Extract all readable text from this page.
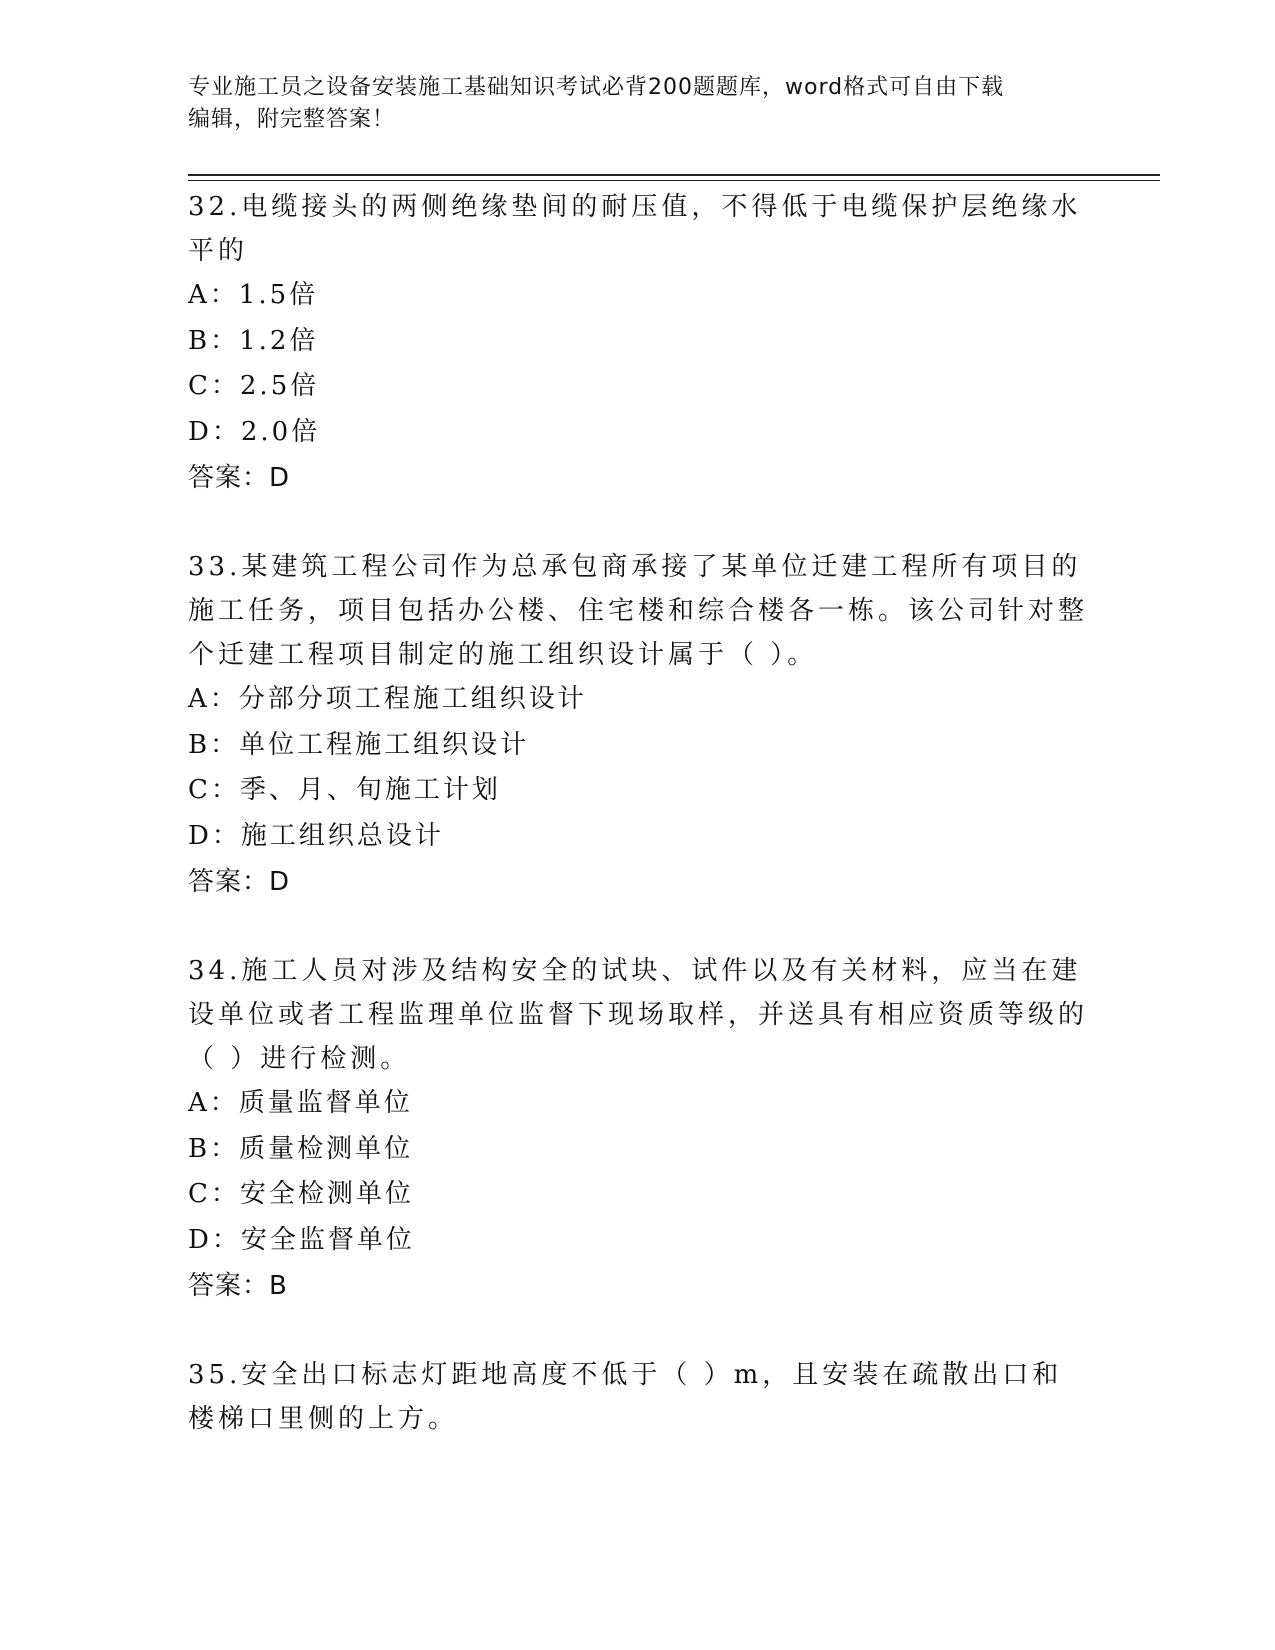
专业施工员之设备安装施工基础知识考试必背200题题库，word格式可自由下载
编辑，附完整答案！

32.电缆接头的两侧绝缘垫间的耐压值，不得低于电缆保护层绝缘水平的

A：1.5倍

B：1.2倍

C：2.5倍

D：2.0倍

答案：D

33.某建筑工程公司作为总承包商承接了某单位迁建工程所有项目的施工任务，项目包括办公楼、住宅楼和综合楼各一栋。该公司针对整个迁建工程项目制定的施工组织设计属于（ ）。

A：分部分项工程施工组织设计

B：单位工程施工组织设计

C：季、月、旬施工计划

D：施工组织总设计

答案：D

34.施工人员对涉及结构安全的试块、试件以及有关材料，应当在建设单位或者工程监理单位监督下现场取样，并送具有相应资质等级的（ ）进行检测。

A：质量监督单位

B：质量检测单位

C：安全检测单位

D：安全监督单位

答案：B

35.安全出口标志灯距地高度不低于（ ）m，且安装在疏散出口和楼梯口里侧的上方。
